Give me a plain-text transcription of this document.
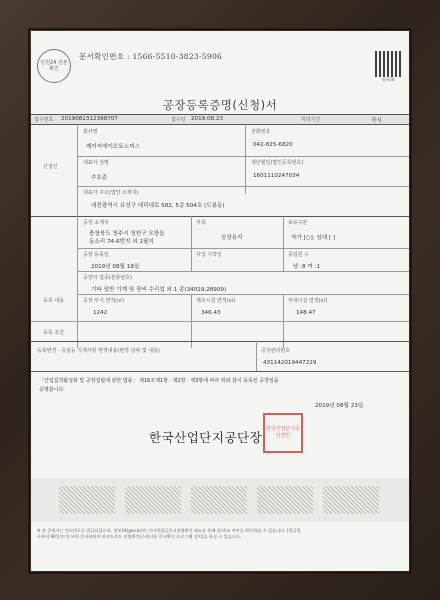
민원24 진본확인
문서확인번호 : 1566-5510-3823-5906
정부24
공장등록증명(신청)서
접수번호 2019082312398707	접수일 2019.08.23	처리기간	즉시
신청인
회사명
제이씨에이오토노머스
전화번호
042-825-6820
대표자 성명
추호준
생년월일(법인등록번호)
1601110247034
대표자 주소(법인 소재지)
대전광역시 유성구 대덕대로 582, 5층 504호 (도룡동)
등록 내용
공장 소재지
충청북도 청주시 청원구 오창읍
동소리 74-6번지 외 2필지
지목
공장용지
보유구분
자가 [○], 임대 [ ]
공장 등록일
2019년 08월 19일
사업 시작일	종업원 수
남 :8 여 :1
공장의 업종(분류번호)
기타 일반 기계 및 장비 수리업 외 1 종(34019,28909)
공장 부지 면적(㎡)
1242
제조시설 면적(㎡)
346.43
부대시설 면적(㎡)
148.47
등록 조건
등록변경 · 증설등 기재사항 변경내용(변경 날짜 및 내용)	공장관리번호
431142019447229
「산업집적활성화 및 공장설립에 관한 법률」 제16조제1항 · 제2항 · 제3항에 따라 위와 같이 등록된 공장임을
증명합니다.
2019년 08월 23일
한국산업단지공단장
한국산업단지공단장인
※ 본 증명서는 인터넷으로 발급되었으며, 정부24(gov.kr)의 인터넷발급문서진위확인 메뉴를 통해 위·변조 여부를 확인하실 수 있습니다. (발급일
로부터 90일까지) 또한 문서하단의 바코드로도 진위확인(스캐너용 문서확인 프로그램 설치)을 하실 수 있습니다.
